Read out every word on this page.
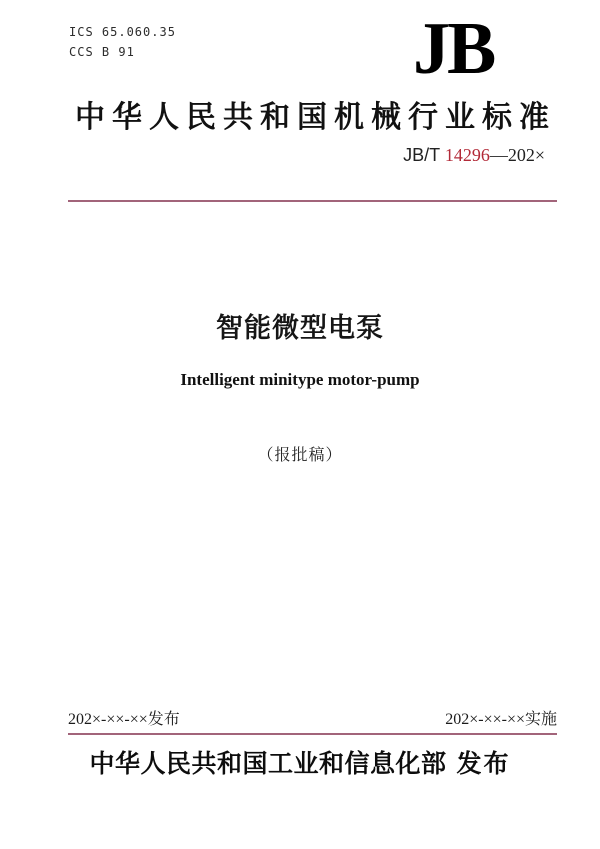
ICS 65.060.35
CCS B 91	JB
中华人民共和国机械行业标准
JB/T 14296—202×
智能微型电泵
Intelligent minitype motor-pump
（报批稿）
202×-××-××发布	202×-××-××实施
中华人民共和国工业和信息化部 发布
